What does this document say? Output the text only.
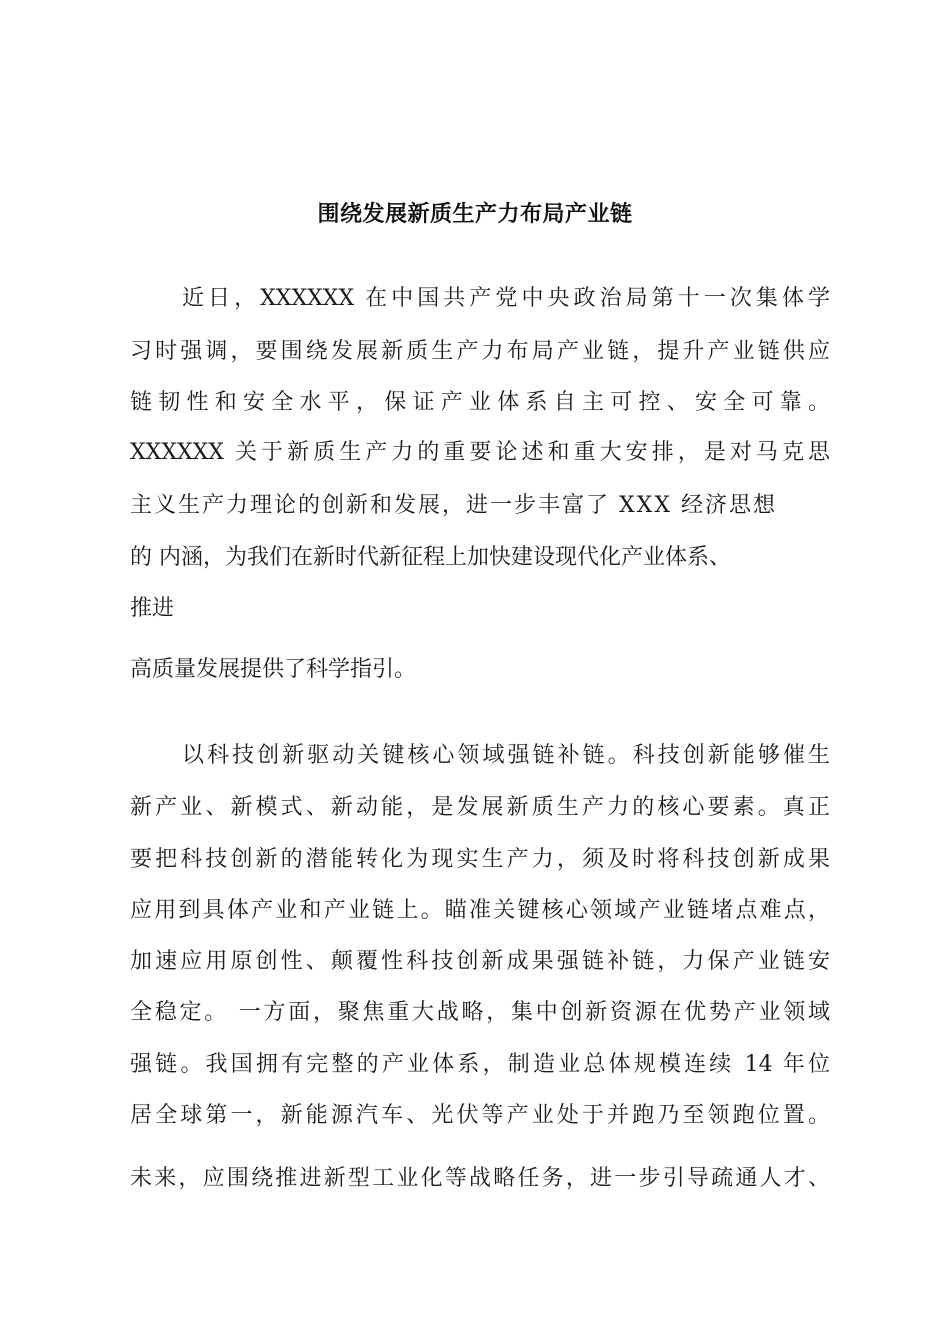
围绕发展新质生产力布局产业链
近日，XXXXXX 在中国共产党中央政治局第十一次集体学
习时强调，要围绕发展新质生产力布局产业链，提升产业链供应
链韧性和安全水平，保证产业体系自主可控、安全可靠。
XXXXXX 关于新质生产力的重要论述和重大安排，是对马克思
主义生产力理论的创新和发展，进一步丰富了 XXX 经济思想
的 内涵，为我们在新时代新征程上加快建设现代化产业体系、
推进
高质量发展提供了科学指引。
以科技创新驱动关键核心领域强链补链。科技创新能够催生
新产业、新模式、新动能，是发展新质生产力的核心要素。真正
要把科技创新的潜能转化为现实生产力，须及时将科技创新成果
应用到具体产业和产业链上。瞄准关键核心领域产业链堵点难点，
加速应用原创性、颠覆性科技创新成果强链补链，力保产业链安
全稳定。 一方面，聚焦重大战略，集中创新资源在优势产业领域
强链。我国拥有完整的产业体系，制造业总体规模连续 14 年位
居全球第一，新能源汽车、光伏等产业处于并跑乃至领跑位置。
未来，应围绕推进新型工业化等战略任务，进一步引导疏通人才、
